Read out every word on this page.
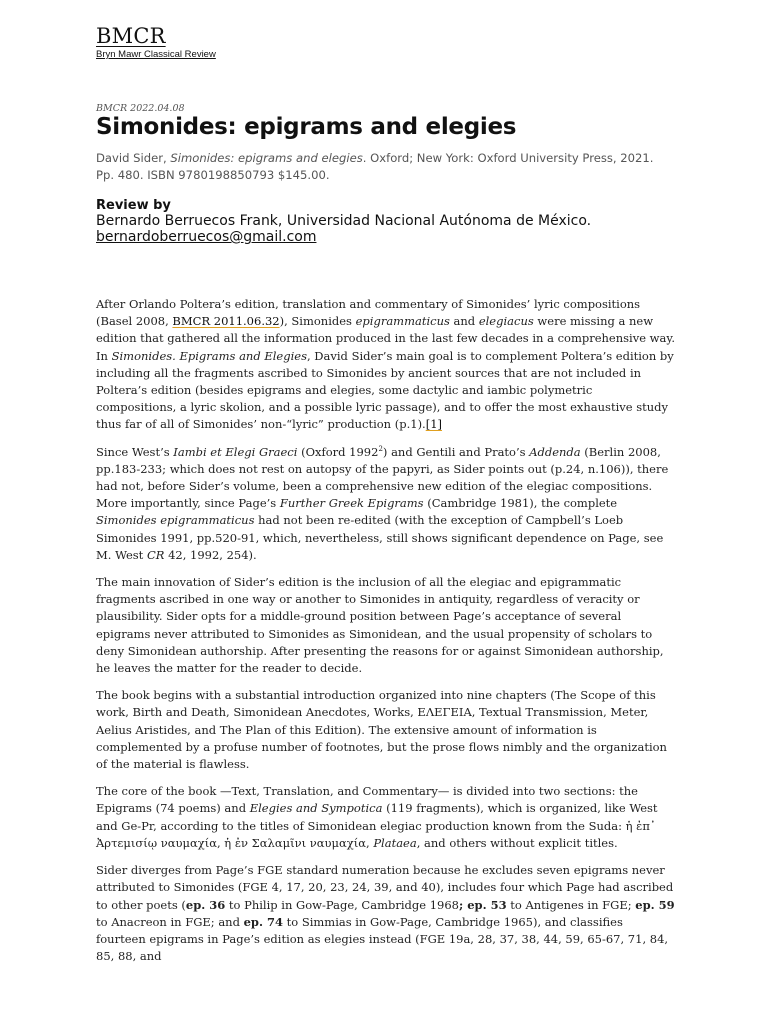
BMCR
Bryn Mawr Classical Review
BMCR 2022.04.08
Simonides: epigrams and elegies
David Sider, Simonides: epigrams and elegies. Oxford; New York: Oxford University Press, 2021. Pp. 480. ISBN 9780198850793 $145.00.
Review by
Bernardo Berruecos Frank, Universidad Nacional Autónoma de México.
bernardoberruecos@gmail.com

After Orlando Poltera’s edition, translation and commentary of Simonides’ lyric compositions (Basel 2008, BMCR 2011.06.32), Simonides epigrammaticus and elegiacus were missing a new edition that gathered all the information produced in the last few decades in a comprehensive way. In Simonides. Epigrams and Elegies, David Sider’s main goal is to complement Poltera’s edition by including all the fragments ascribed to Simonides by ancient sources that are not included in Poltera’s edition (besides epigrams and elegies, some dactylic and iambic polymetric compositions, a lyric skolion, and a possible lyric passage), and to offer the most exhaustive study thus far of all of Simonides’ non-“lyric” production (p.1).[1]

Since West’s Iambi et Elegi Graeci (Oxford 1992$^2$) and Gentili and Prato’s Addenda (Berlin 2008, pp.183-233; which does not rest on autopsy of the papyri, as Sider points out (p.24, n.106)), there had not, before Sider’s volume, been a comprehensive new edition of the elegiac compositions. More importantly, since Page’s Further Greek Epigrams (Cambridge 1981), the complete Simonides epigrammaticus had not been re-edited (with the exception of Campbell’s Loeb Simonides 1991, pp.520-91, which, nevertheless, still shows significant dependence on Page, see M. West CR 42, 1992, 254).

The main innovation of Sider’s edition is the inclusion of all the elegiac and epigrammatic fragments ascribed in one way or another to Simonides in antiquity, regardless of veracity or plausibility. Sider opts for a middle-ground position between Page’s acceptance of several epigrams never attributed to Simonides as Simonidean, and the usual propensity of scholars to deny Simonidean authorship. After presenting the reasons for or against Simonidean authorship, he leaves the matter for the reader to decide.

The book begins with a substantial introduction organized into nine chapters (The Scope of this work, Birth and Death, Simonidean Anecdotes, Works, ΕΛΕΓΕΙΑ, Textual Transmission, Meter, Aelius Aristides, and The Plan of this Edition). The extensive amount of information is complemented by a profuse number of footnotes, but the prose flows nimbly and the organization of the material is flawless.

The core of the book —Text, Translation, and Commentary— is divided into two sections: the Epigrams (74 poems) and Elegies and Sympotica (119 fragments), which is organized, like West and Ge-Pr, according to the titles of Simonidean elegiac production known from the Suda: ἡ ἐπ᾽ Ἀρτεμισίῳ ναυμαχία, ἡ ἐν Σαλαμῖνι ναυμαχία, Plataea, and others without explicit titles.

Sider diverges from Page’s FGE standard numeration because he excludes seven epigrams never attributed to Simonides (FGE 4, 17, 20, 23, 24, 39, and 40), includes four which Page had ascribed to other poets (ep. 36 to Philip in Gow-Page, Cambridge 1968; ep. 53 to Antigenes in FGE; ep. 59 to Anacreon in FGE; and ep. 74 to Simmias in Gow-Page, Cambridge 1965), and classifies fourteen epigrams in Page’s edition as elegies instead (FGE 19a, 28, 37, 38, 44, 59, 65-67, 71, 84, 85, 88, and
